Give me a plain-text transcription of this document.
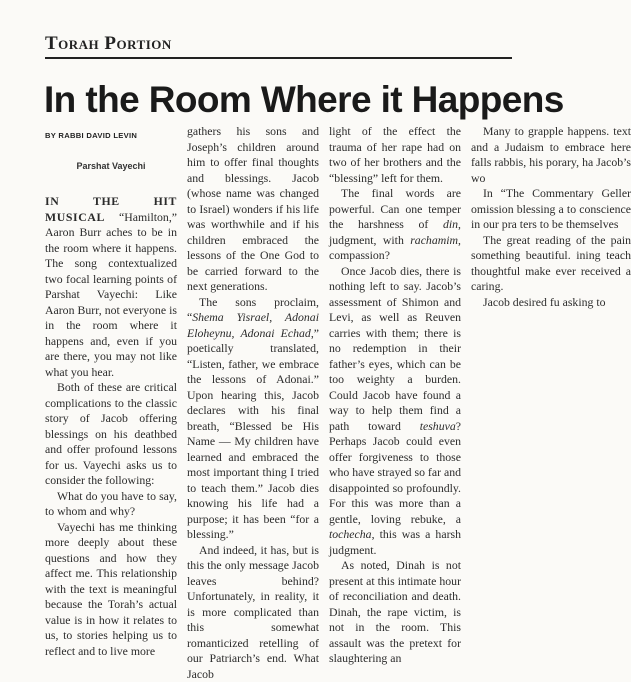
Torah Portion
In the Room Where it Happens
BY RABBI DAVID LEVIN
Parshat Vayechi

IN THE HIT MUSICAL “Hamilton,” Aaron Burr aches to be in the room where it happens. The song contextualized two focal learning points of Parshat Vayechi: Like Aaron Burr, not everyone is in the room where it happens and, even if you are there, you may not like what you hear.

Both of these are critical complications to the classic story of Jacob offering blessings on his deathbed and offer profound lessons for us. Vayechi asks us to consider the following:

What do you have to say, to whom and why?

Vayechi has me thinking more deeply about these questions and how they affect me. This relationship with the text is meaningful because the Torah’s actual value is in how it relates to us, to stories helping us to reflect and to live more

gathers his sons and Joseph’s children around him to offer final thoughts and blessings. Jacob (whose name was changed to Israel) wonders if his life was worthwhile and if his children embraced the lessons of the One God to be carried forward to the next generations.

The sons proclaim, “Shema Yisrael, Adonai Eloheynu, Adonai Echad,” poetically translated, “Listen, father, we embrace the lessons of Adonai.” Upon hearing this, Jacob declares with his final breath, “Blessed be His Name — My children have learned and embraced the most important thing I tried to teach them.” Jacob dies knowing his life had a purpose; it has been “for a blessing.”

And indeed, it has, but is this the only message Jacob leaves behind? Unfortunately, in reality, it is more complicated than this somewhat romanticized retelling of our Patriarch’s end. What Jacob

light of the effect the trauma of her rape had on two of her brothers and the “blessing” left for them.

The final words are powerful. Can one temper the harshness of din, judgment, with rachamim, compassion?

Once Jacob dies, there is nothing left to say. Jacob’s assessment of Shimon and Levi, as well as Reuven carries with them; there is no redemption in their father’s eyes, which can be too weighty a burden. Could Jacob have found a way to help them find a path toward teshuva? Perhaps Jacob could even offer forgiveness to those who have strayed so far and disappointed so profoundly. For this was more than a gentle, loving rebuke, a tochecha, this was a harsh judgment.

As noted, Dinah is not present at this intimate hour of reconciliation and death. Dinah, the rape victim, is not in the room. This assault was the pretext for slaughtering an

Many to grapple happens. text and a Judaism to embrace here falls rabbis, his porary, ha Jacob’s wo

In “The Commentary Geller omission blessing a to conscience in our pra ters to be themselves

The great reading of the pain something beautiful. ining teach thoughtful make ever received a caring.

Jacob desired fu asking to
